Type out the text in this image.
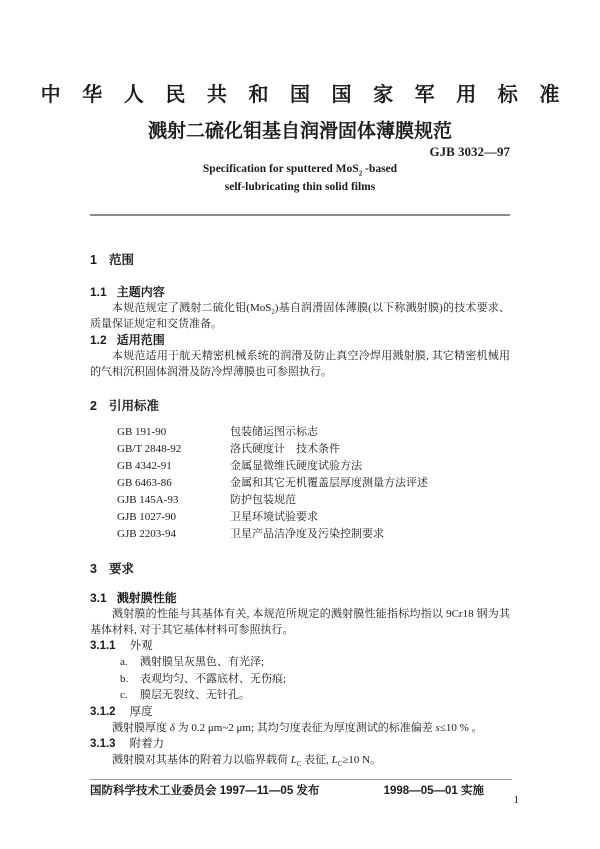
中 华 人 民 共 和 国 国 家 军 用 标 准
溅射二硫化钼基自润滑固体薄膜规范
GJB 3032—97
Specification for sputtered MoS$_2$ -based
self-lubricating thin solid films
1 范围
1.1 主题内容

本规范规定了溅射二硫化钼(MoS$_2$)基自润滑固体薄膜(以下称溅射膜)的技术要求、质量保证规定和交货准备。

1.2 适用范围

本规范适用于航天精密机械系统的润滑及防止真空冷焊用溅射膜, 其它精密机械用的气相沉积固体润滑及防冷焊薄膜也可参照执行。

2 引用标准
GB 191-90	包装储运图示标志
GB/T 2848-92	洛氏硬度计　技术条件
GB 4342-91	金属显微维氏硬度试验方法
GB 6463-86	金属和其它无机覆盖层厚度测量方法评述
GJB 145A-93	防护包装规范
GJB 1027-90	卫星环境试验要求
GJB 2203-94	卫星产品洁净度及污染控制要求
3 要求
3.1 溅射膜性能

溅射膜的性能与其基体有关, 本规范所规定的溅射膜性能指标均指以 9Cr18 钢为其基体材料, 对于其它基体材料可参照执行。

3.1.1 外观
a.	溅射膜呈灰黑色、有光泽;
b.	表观均匀、不露底材、无伤痕;
c.	膜层无裂纹、无针孔。
3.1.2 厚度

溅射膜厚度 δ 为 0.2 μm~2 μm; 其均匀度表征为厚度测试的标准偏差 s≤10 % 。

3.1.3 附着力

溅射膜对其基体的附着力以临界载荷 $L_C$ 表征, $L_C\ge 10$ N。

国防科学技术工业委员会 1997—11—05 发布	1998—05—01 实施
1
